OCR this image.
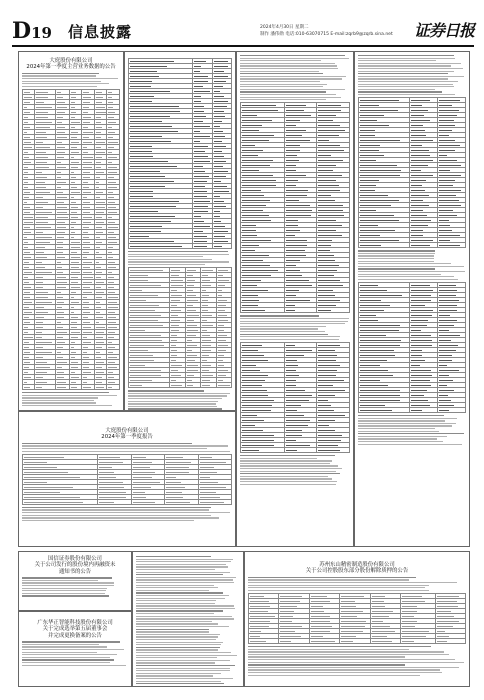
D19 信息披露	2024年4月30日 星期二
制作 潘伟勋 电话:010-63070715 E-mail:zqrb9@zqrb.sina.net 证券日报
大庭股份有限公司
2024年第一季度主营业务数据的公告
大庭股份有限公司
2024年第一季度报告
国信证券股份有限公司
关于公司发行的股份境内再融资未
通知书的公告
广东华正智能科技股份有限公司
关于完成选举第五届董事会
并完成更换备案的公告
苏州东山精密制造股份有限公司
关于公司控股股东部分股份解除质押的公告
